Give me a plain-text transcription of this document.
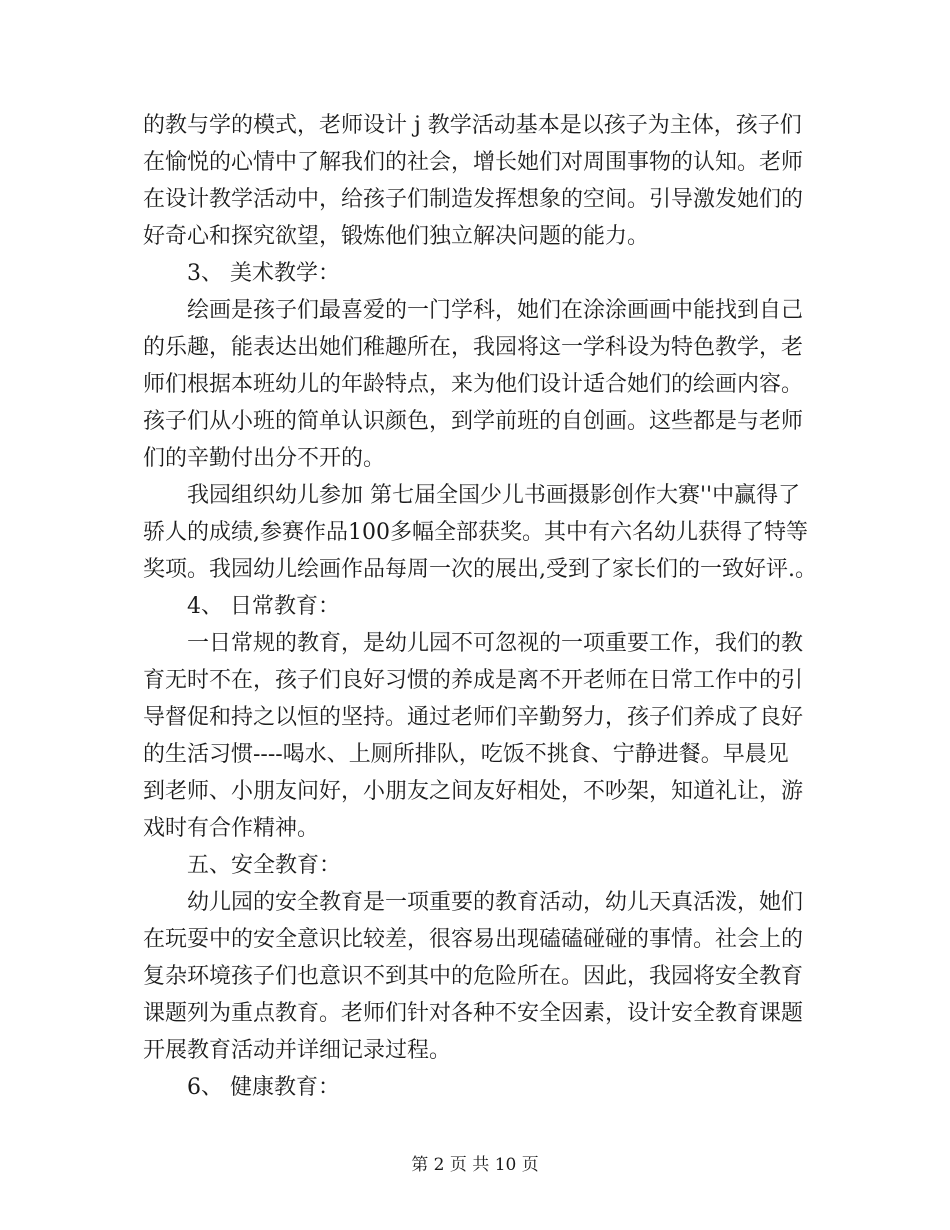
的教与学的模式，老师设计 j 教学活动基本是以孩子为主体，孩子们

在愉悦的心情中了解我们的社会，增长她们对周围事物的认知。老师

在设计教学活动中，给孩子们制造发挥想象的空间。引导激发她们的

好奇心和探究欲望，锻炼他们独立解决问题的能力。

3、 美术教学：

绘画是孩子们最喜爱的一门学科，她们在涂涂画画中能找到自己

的乐趣，能表达出她们稚趣所在，我园将这一学科设为特色教学，老

师们根据本班幼儿的年龄特点，来为他们设计适合她们的绘画内容。

孩子们从小班的简单认识颜色，到学前班的自创画。这些都是与老师

们的辛勤付出分不开的。

我园组织幼儿参加 第七届全国少儿书画摄影创作大赛''中赢得了

骄人的成绩,参赛作品100多幅全部获奖。其中有六名幼儿获得了特等

奖项。我园幼儿绘画作品每周一次的展出,受到了家长们的一致好评.。

4、 日常教育：

一日常规的教育，是幼儿园不可忽视的一项重要工作，我们的教

育无时不在，孩子们良好习惯的养成是离不开老师在日常工作中的引

导督促和持之以恒的坚持。通过老师们辛勤努力，孩子们养成了良好

的生活习惯----喝水、上厕所排队，吃饭不挑食、宁静进餐。早晨见

到老师、小朋友问好，小朋友之间友好相处，不吵架，知道礼让，游

戏时有合作精神。

五、安全教育：

幼儿园的安全教育是一项重要的教育活动，幼儿天真活泼，她们

在玩耍中的安全意识比较差，很容易出现磕磕碰碰的事情。社会上的

复杂环境孩子们也意识不到其中的危险所在。因此，我园将安全教育

课题列为重点教育。老师们针对各种不安全因素，设计安全教育课题

开展教育活动并详细记录过程。

6、 健康教育：

第 2 页 共 10 页
